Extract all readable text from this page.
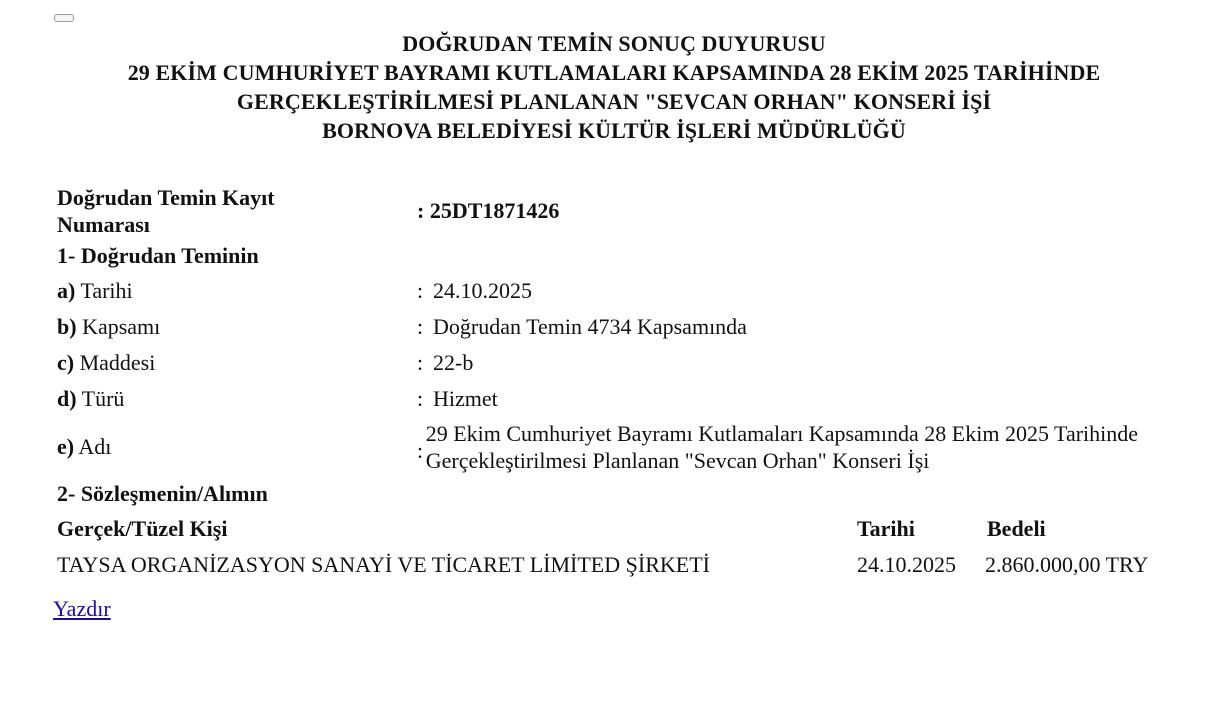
DOĞRUDAN TEMİN SONUÇ DUYURUSU
29 EKİM CUMHURİYET BAYRAMI KUTLAMALARI KAPSAMINDA 28 EKİM 2025 TARİHİNDE
GERÇEKLEŞTİRİLMESİ PLANLANAN "SEVCAN ORHAN" KONSERİ İŞİ
BORNOVA BELEDİYESİ KÜLTÜR İŞLERİ MÜDÜRLÜĞÜ
Doğrudan Temin Kayıt Numarası
: 25DT1871426
1- Doğrudan Teminin
a) Tarihi	: 24.10.2025
b) Kapsamı	: Doğrudan Temin 4734 Kapsamında
c) Maddesi	: 22-b
d) Türü	: Hizmet
e) Adı	:
29 Ekim Cumhuriyet Bayramı Kutlamaları Kapsamında 28 Ekim 2025 Tarihinde Gerçekleştirilmesi Planlanan "Sevcan Orhan" Konseri İşi
2- Sözleşmenin/Alımın
Gerçek/Tüzel Kişi	Tarihi	Bedeli
TAYSA ORGANİZASYON SANAYİ VE TİCARET LİMİTED ŞİRKETİ	24.10.2025	2.860.000,00 TRY
Yazdır
